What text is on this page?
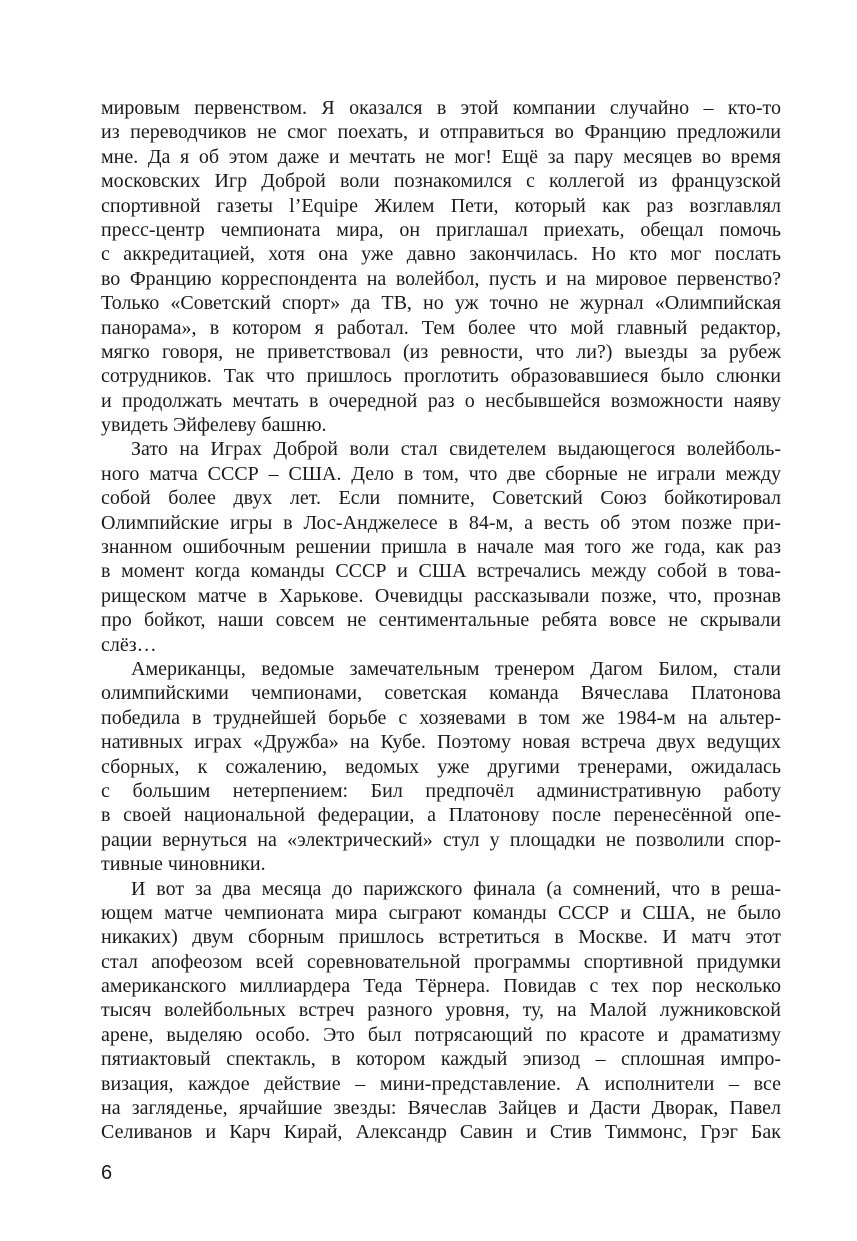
мировым первенством. Я оказался в этой компании случайно – кто-то
из переводчиков не смог поехать, и отправиться во Францию предложили
мне. Да я об этом даже и мечтать не мог! Ещё за пару месяцев во время
московских Игр Доброй воли познакомился с коллегой из французской
спортивной газеты l’Equipe Жилем Пети, который как раз возглавлял
пресс-центр чемпионата мира, он приглашал приехать, обещал помочь
с аккредитацией, хотя она уже давно закончилась. Но кто мог послать
во Францию корреспондента на волейбол, пусть и на мировое первенство?
Только «Советский спорт» да ТВ, но уж точно не журнал «Олимпийская
панорама», в котором я работал. Тем более что мой главный редактор,
мягко говоря, не приветствовал (из ревности, что ли?) выезды за рубеж
сотрудников. Так что пришлось проглотить образовавшиеся было слюнки
и продолжать мечтать в очередной раз о несбывшейся возможности наяву
увидеть Эйфелеву башню.
Зато на Играх Доброй воли стал свидетелем выдающегося волейболь-
ного матча СССР – США. Дело в том, что две сборные не играли между
собой более двух лет. Если помните, Советский Союз бойкотировал
Олимпийские игры в Лос-Анджелесе в 84-м, а весть об этом позже при-
знанном ошибочным решении пришла в начале мая того же года, как раз
в момент когда команды СССР и США встречались между собой в това-
рищеском матче в Харькове. Очевидцы рассказывали позже, что, прознав
про бойкот, наши совсем не сентиментальные ребята вовсе не скрывали
слёз…
Американцы, ведомые замечательным тренером Дагом Билом, стали
олимпийскими чемпионами, советская команда Вячеслава Платонова
победила в труднейшей борьбе с хозяевами в том же 1984-м на альтер-
нативных играх «Дружба» на Кубе. Поэтому новая встреча двух ведущих
сборных, к сожалению, ведомых уже другими тренерами, ожидалась
с большим нетерпением: Бил предпочёл административную работу
в своей национальной федерации, а Платонову после перенесённой опе-
рации вернуться на «электрический» стул у площадки не позволили спор-
тивные чиновники.
И вот за два месяца до парижского финала (а сомнений, что в реша-
ющем матче чемпионата мира сыграют команды СССР и США, не было
никаких) двум сборным пришлось встретиться в Москве. И матч этот
стал апофеозом всей соревновательной программы спортивной придумки
американского миллиардера Теда Тёрнера. Повидав с тех пор несколько
тысяч волейбольных встреч разного уровня, ту, на Малой лужниковской
арене, выделяю особо. Это был потрясающий по красоте и драматизму
пятиактовый спектакль, в котором каждый эпизод – сплошная импро-
визация, каждое действие – мини-представление. А исполнители – все
на загляденье, ярчайшие звезды: Вячеслав Зайцев и Дасти Дворак, Павел
Селиванов и Карч Кирай, Александр Савин и Стив Тиммонс, Грэг Бак
6
